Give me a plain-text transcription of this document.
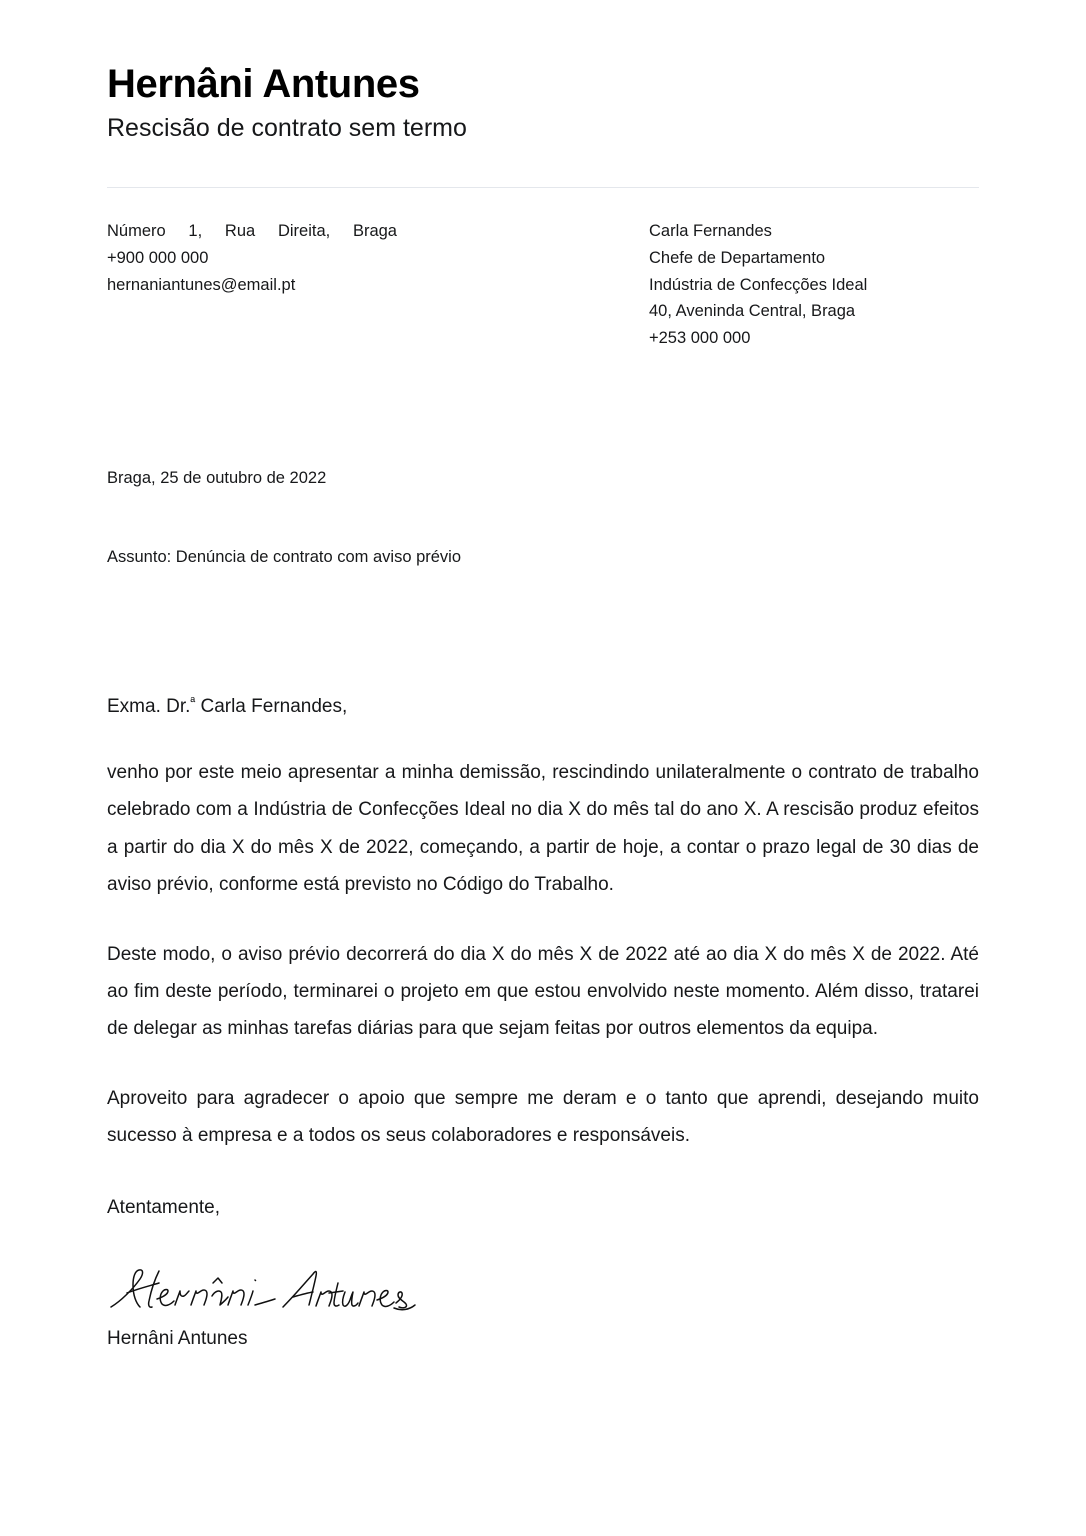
Hernâni Antunes

Rescisão de contrato sem termo

Número 1, Rua Direita, Braga
+900 000 000
hernaniantunes@email.pt
Carla Fernandes
Chefe de Departamento
Indústria de Confecções Ideal
40, Aveninda Central, Braga
+253 000 000
Braga, 25 de outubro de 2022
Assunto: Denúncia de contrato com aviso prévio

Exma. Dr.$^ª$ Carla Fernandes,

venho por este meio apresentar a minha demissão, rescindindo unilateralmente o contrato de trabalho celebrado com a Indústria de Confecções Ideal no dia X do mês tal do ano X. A rescisão produz efeitos a partir do dia X do mês X de 2022, começando, a partir de hoje, a contar o prazo legal de 30 dias de aviso prévio, conforme está previsto no Código do Trabalho.

Deste modo, o aviso prévio decorrerá do dia X do mês X de 2022 até ao dia X do mês X de 2022. Até ao fim deste período, terminarei o projeto em que estou envolvido neste momento. Além disso, tratarei de delegar as minhas tarefas diárias para que sejam feitas por outros elementos da equipa.

Aproveito para agradecer o apoio que sempre me deram e o tanto que aprendi, desejando muito sucesso à empresa e a todos os seus colaboradores e responsáveis.

Atentamente,

Hernâni Antunes
